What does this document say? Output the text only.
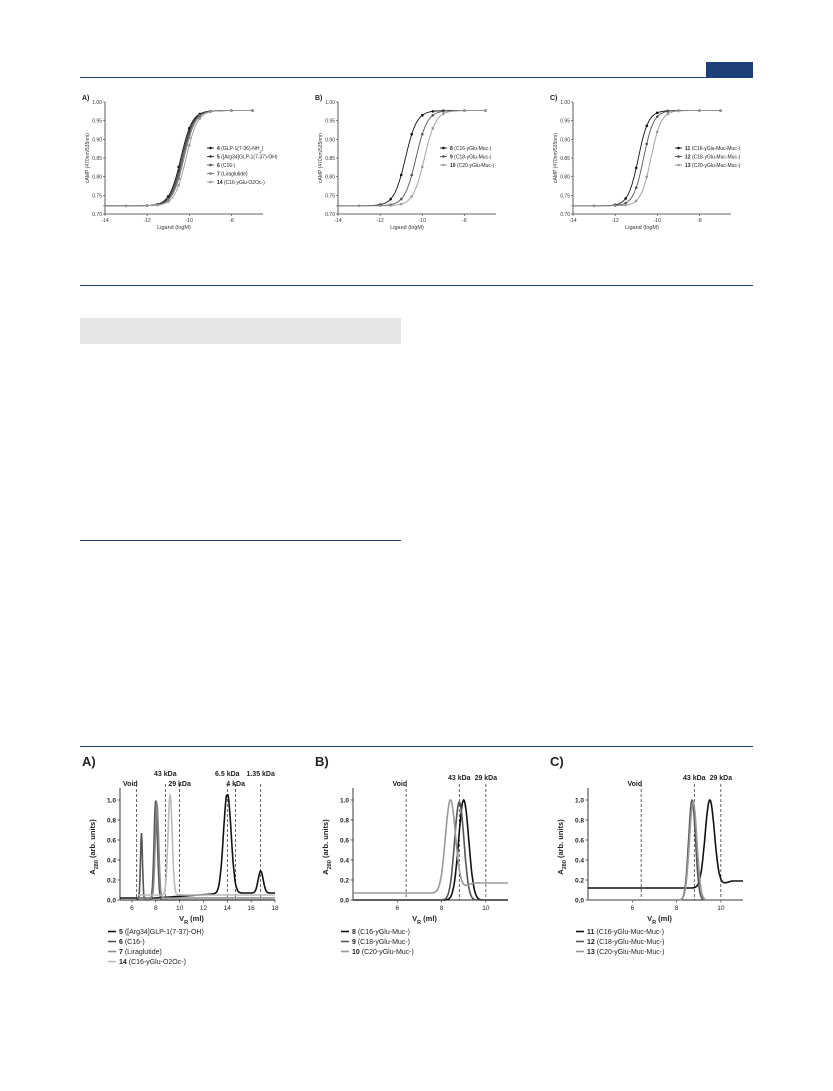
A)
0.70
0.75
0.80
0.85
0.90
0.95
1.00
-14	-12	-10	-8
Ligand (logM)
cAMP (470nm/535nm)	4 $(GLP-1(7-36)-NH_2)$
5 ([Arg34]GLP-1(7-37)-OH)
6 (C16-)
7 (Liraglutide)
14 (C16-yGlu-O2Oc-)
B)
0.70
0.75
0.80
0.85
0.90
0.95
1.00
-14	-12	-10	-8
Ligand (logM)
cAMP (470nm/535nm)	8 (C16-yGlu-Muc-)
9 (C18-yGlu-Muc-)
10 (C20-yGlu-Muc-)
C)
0.70
0.75
0.80
0.85
0.90
0.95
1.00
-14	-12	-10	-8
Ligand (logM)
cAMP (470nm/535nm)	11 (C16-yGlu-Muc-Muc-)
12 (C18-yGlu-Muc-Muc-)
13 (C20-yGlu-Muc-Muc-)
A)
Void
43 kDa
29 kDa
6.5 kDa
4 kDa
1.35 kDa
0.0
0.2
0.4
0.6
0.8
1.0
6	8	10	12	14	16	18
$V_R$ (ml)
$A_{280}$ (arb. units)
5 ([Arg34]GLP-1(7-37)-OH)
6 (C16-)
7 (Liraglutide)
14 (C16-yGlu-O2Oc-)
B)
Void
43 kDa 29 kDa
0.0
0.2
0.4
0.6
0.8
1.0
6	8	10
$V_R$ (ml)
$A_{280}$ (arb. units)
8 (C16-yGlu-Muc-)
9 (C18-yGlu-Muc-)
10 (C20-yGlu-Muc-)
C)
Void
43 kDa 29 kDa
0.0
0.2
0.4
0.6
0.8
1.0
6	8	10
$V_R$ (ml)
$A_{280}$ (arb. units)
11 (C16-yGlu-Muc-Muc-)
12 (C18-yGlu-Muc-Muc-)
13 (C20-yGlu-Muc-Muc-)
